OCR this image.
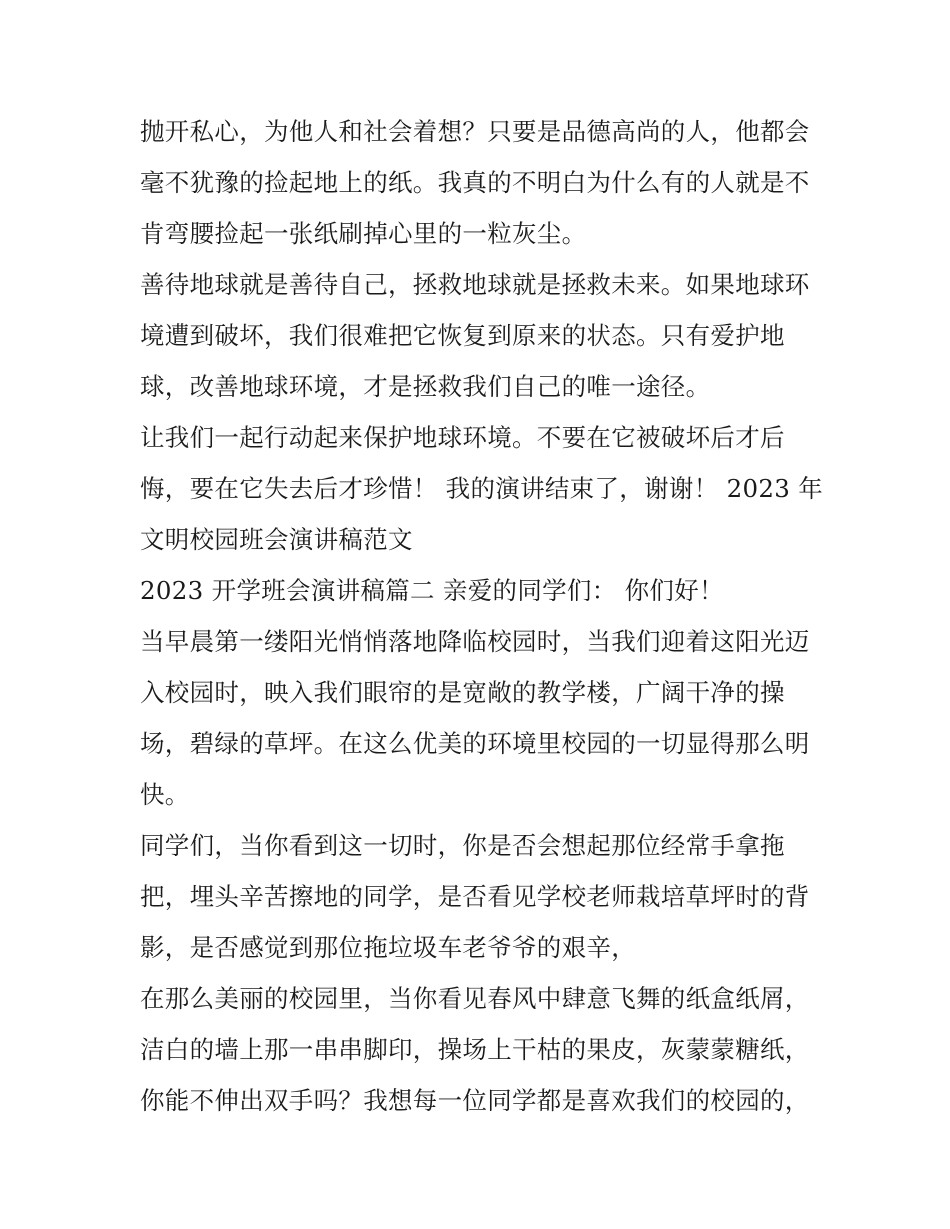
抛开私心，为他人和社会着想？只要是品德高尚的人，他都会
毫不犹豫的捡起地上的纸。我真的不明白为什么有的人就是不
肯弯腰捡起一张纸刷掉心里的一粒灰尘。
善待地球就是善待自己，拯救地球就是拯救未来。如果地球环
境遭到破坏，我们很难把它恢复到原来的状态。只有爱护地
球，改善地球环境，才是拯救我们自己的唯一途径。
让我们一起行动起来保护地球环境。不要在它被破坏后才后
悔，要在它失去后才珍惜！ 我的演讲结束了，谢谢！ 2023 年
文明校园班会演讲稿范文
2023 开学班会演讲稿篇二 亲爱的同学们： 你们好！
当早晨第一缕阳光悄悄落地降临校园时，当我们迎着这阳光迈
入校园时，映入我们眼帘的是宽敞的教学楼，广阔干净的操
场，碧绿的草坪。在这么优美的环境里校园的一切显得那么明
快。
同学们，当你看到这一切时，你是否会想起那位经常手拿拖
把，埋头辛苦擦地的同学，是否看见学校老师栽培草坪时的背
影，是否感觉到那位拖垃圾车老爷爷的艰辛，
在那么美丽的校园里，当你看见春风中肆意飞舞的纸盒纸屑，
洁白的墙上那一串串脚印，操场上干枯的果皮，灰蒙蒙糖纸，
你能不伸出双手吗？我想每一位同学都是喜欢我们的校园的，
